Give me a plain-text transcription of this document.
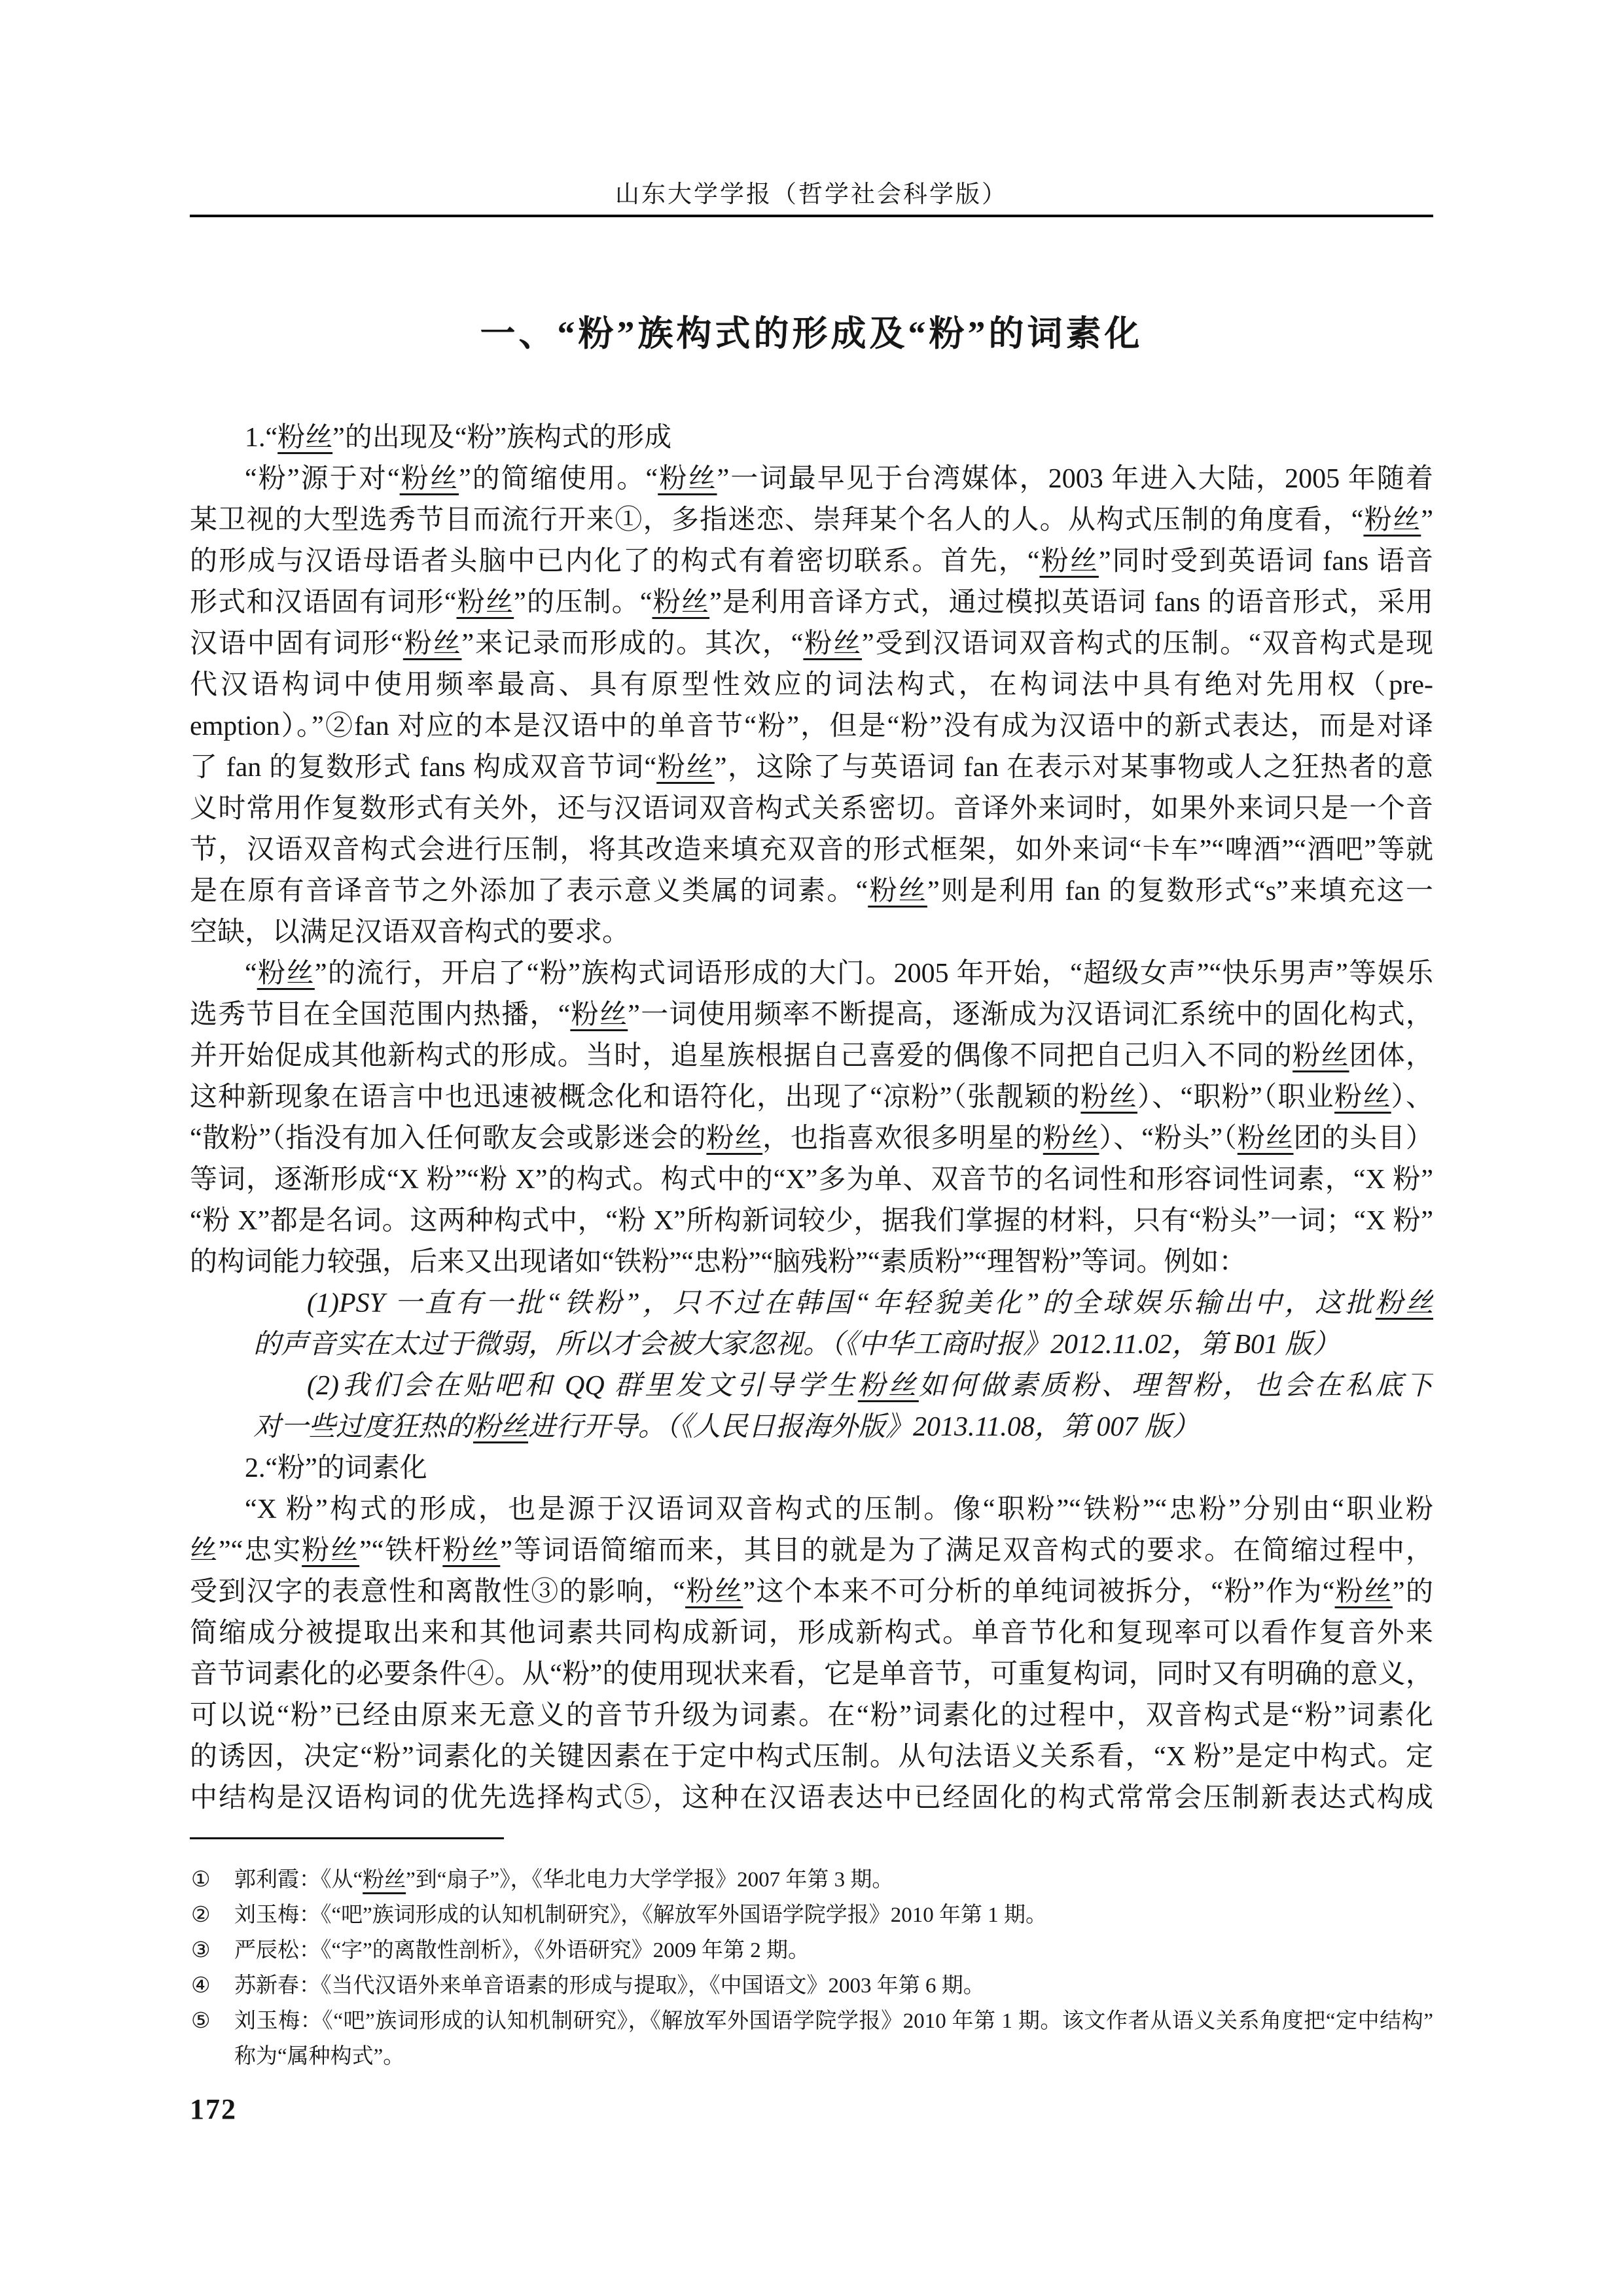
山东大学学报（哲学社会科学版）
一、“粉”族构式的形成及“粉”的词素化
1.“粉丝”的出现及“粉”族构式的形成
“粉”源于对“粉丝”的简缩使用。“粉丝”一词最早见于台湾媒体，2003 年进入大陆，2005 年随着
某卫视的大型选秀节目而流行开来①，多指迷恋、崇拜某个名人的人。从构式压制的角度看，“粉丝”
的形成与汉语母语者头脑中已内化了的构式有着密切联系。首先，“粉丝”同时受到英语词 fans 语音
形式和汉语固有词形“粉丝”的压制。“粉丝”是利用音译方式，通过模拟英语词 fans 的语音形式，采用
汉语中固有词形“粉丝”来记录而形成的。其次，“粉丝”受到汉语词双音构式的压制。“双音构式是现
代汉语构词中使用频率最高、具有原型性效应的词法构式，在构词法中具有绝对先用权（pre-
emption）。”②fan 对应的本是汉语中的单音节“粉”，但是“粉”没有成为汉语中的新式表达，而是对译
了 fan 的复数形式 fans 构成双音节词“粉丝”，这除了与英语词 fan 在表示对某事物或人之狂热者的意
义时常用作复数形式有关外，还与汉语词双音构式关系密切。音译外来词时，如果外来词只是一个音
节，汉语双音构式会进行压制，将其改造来填充双音的形式框架，如外来词“卡车”“啤酒”“酒吧”等就
是在原有音译音节之外添加了表示意义类属的词素。“粉丝”则是利用 fan 的复数形式“s”来填充这一
空缺，以满足汉语双音构式的要求。
“粉丝”的流行，开启了“粉”族构式词语形成的大门。2005 年开始，“超级女声”“快乐男声”等娱乐
选秀节目在全国范围内热播，“粉丝”一词使用频率不断提高，逐渐成为汉语词汇系统中的固化构式，
并开始促成其他新构式的形成。当时，追星族根据自己喜爱的偶像不同把自己归入不同的粉丝团体，
这种新现象在语言中也迅速被概念化和语符化，出现了“凉粉”（张靓颖的粉丝）、“职粉”（职业粉丝）、
“散粉”（指没有加入任何歌友会或影迷会的粉丝，也指喜欢很多明星的粉丝）、“粉头”（粉丝团的头目）
等词，逐渐形成“X 粉”“粉 X”的构式。构式中的“X”多为单、双音节的名词性和形容词性词素，“X 粉”
“粉 X”都是名词。这两种构式中，“粉 X”所构新词较少，据我们掌握的材料，只有“粉头”一词；“X 粉”
的构词能力较强，后来又出现诸如“铁粉”“忠粉”“脑残粉”“素质粉”“理智粉”等词。例如：
(1)PSY 一直有一批“铁粉”，只不过在韩国“年轻貌美化”的全球娱乐输出中，这批粉丝
的声音实在太过于微弱，所以才会被大家忽视。（《中华工商时报》2012.11.02，第 B01 版）
(2)我们会在贴吧和 QQ 群里发文引导学生粉丝如何做素质粉、理智粉，也会在私底下
对一些过度狂热的粉丝进行开导。（《人民日报海外版》2013.11.08，第 007 版）
2.“粉”的词素化
“X 粉”构式的形成，也是源于汉语词双音构式的压制。像“职粉”“铁粉”“忠粉”分别由“职业粉
丝”“忠实粉丝”“铁杆粉丝”等词语简缩而来，其目的就是为了满足双音构式的要求。在简缩过程中，
受到汉字的表意性和离散性③的影响，“粉丝”这个本来不可分析的单纯词被拆分，“粉”作为“粉丝”的
简缩成分被提取出来和其他词素共同构成新词，形成新构式。单音节化和复现率可以看作复音外来
音节词素化的必要条件④。从“粉”的使用现状来看，它是单音节，可重复构词，同时又有明确的意义，
可以说“粉”已经由原来无意义的音节升级为词素。在“粉”词素化的过程中，双音构式是“粉”词素化
的诱因，决定“粉”词素化的关键因素在于定中构式压制。从句法语义关系看，“X 粉”是定中构式。定
中结构是汉语构词的优先选择构式⑤，这种在汉语表达中已经固化的构式常常会压制新表达式构成
①	郭利霞：《从“粉丝”到“扇子”》，《华北电力大学学报》2007 年第 3 期。
②	刘玉梅：《“吧”族词形成的认知机制研究》，《解放军外国语学院学报》2010 年第 1 期。
③	严辰松：《“字”的离散性剖析》，《外语研究》2009 年第 2 期。
④	苏新春：《当代汉语外来单音语素的形成与提取》，《中国语文》2003 年第 6 期。
⑤	刘玉梅：《“吧”族词形成的认知机制研究》，《解放军外国语学院学报》2010 年第 1 期。该文作者从语义关系角度把“定中结构”称为“属种构式”。
172
